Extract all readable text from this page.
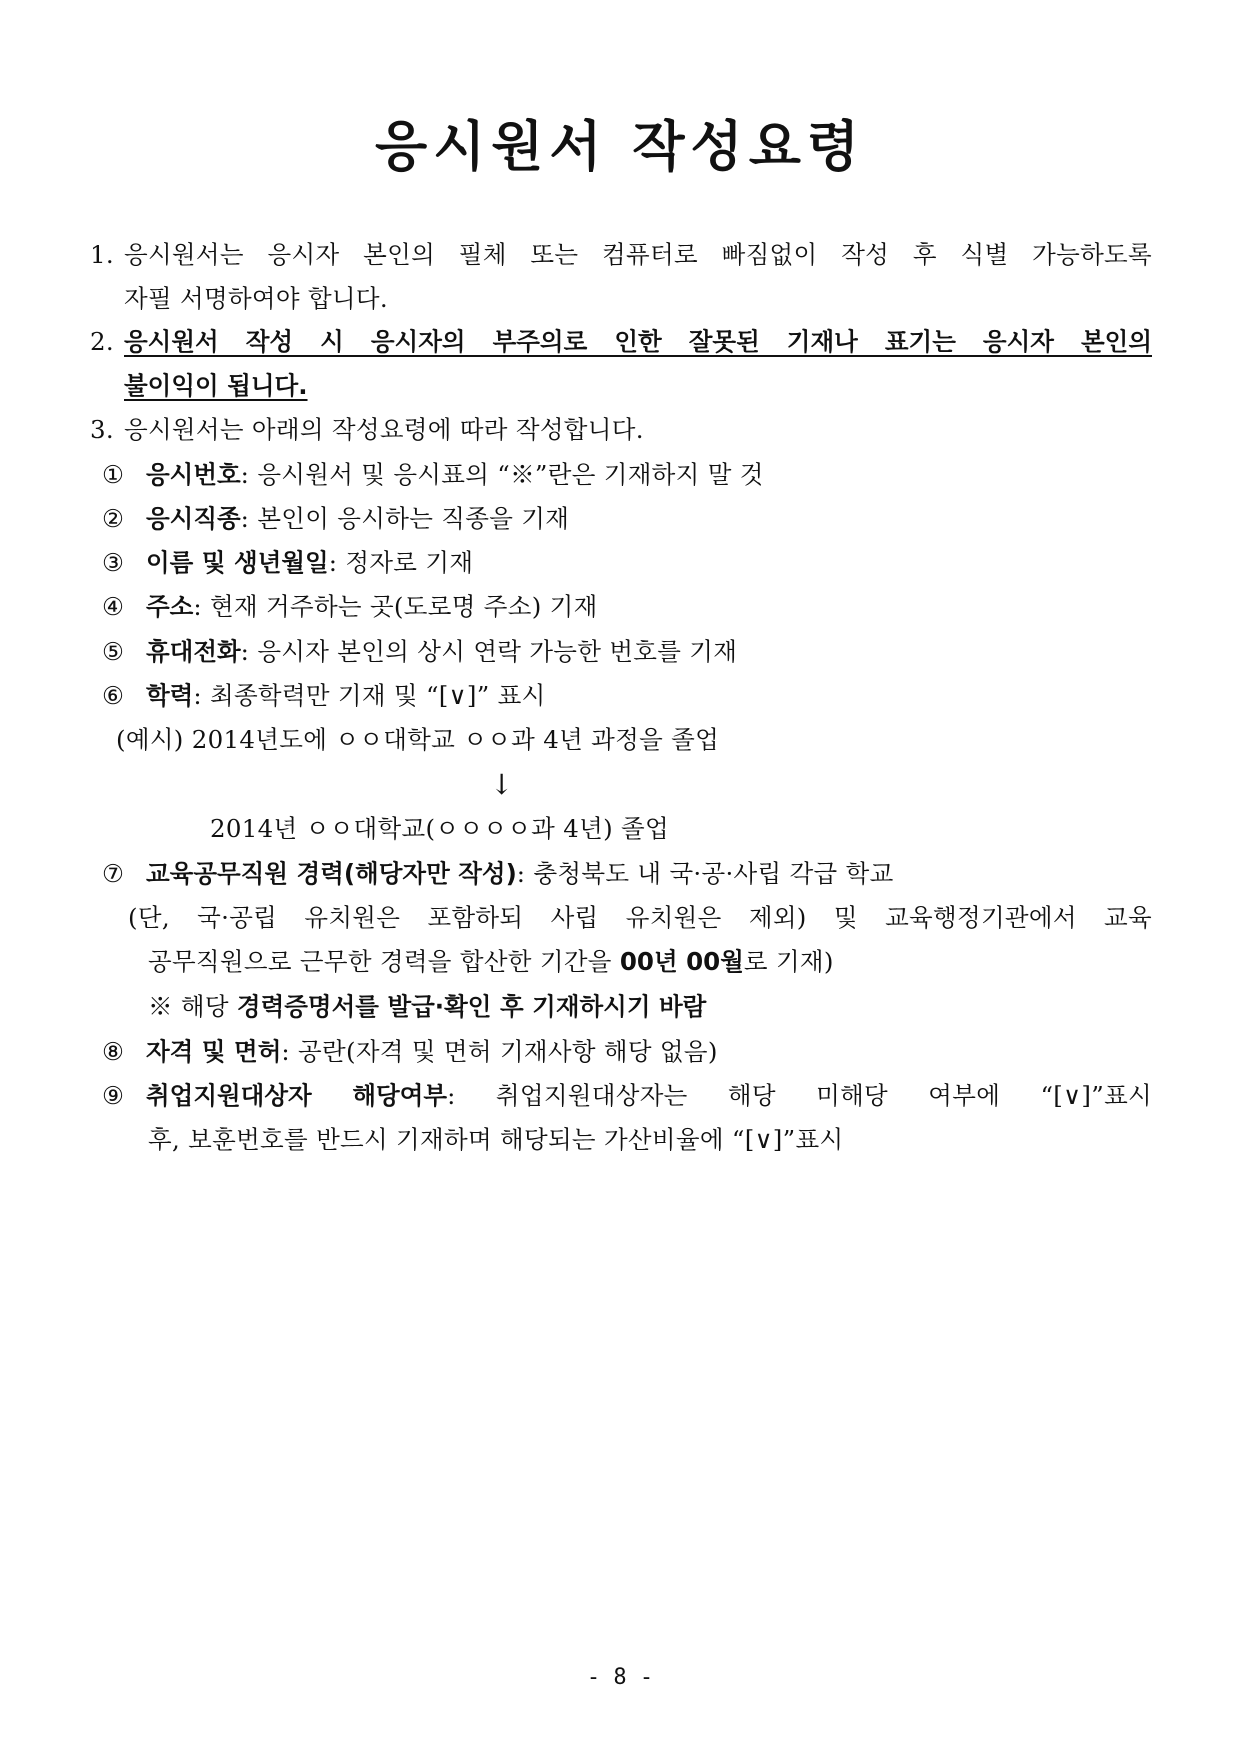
응시원서 작성요령
1. 응시원서는 응시자 본인의 필체 또는 컴퓨터로 빠짐없이 작성 후 식별 가능하도록
자필 서명하여야 합니다.
2. 응시원서 작성 시 응시자의 부주의로 인한 잘못된 기재나 표기는 응시자 본인의
불이익이 됩니다.
3. 응시원서는 아래의 작성요령에 따라 작성합니다.
① 응시번호: 응시원서 및 응시표의 “※”란은 기재하지 말 것
② 응시직종: 본인이 응시하는 직종을 기재
③ 이름 및 생년월일: 정자로 기재
④ 주소: 현재 거주하는 곳(도로명 주소) 기재
⑤ 휴대전화: 응시자 본인의 상시 연락 가능한 번호를 기재
⑥ 학력: 최종학력만 기재 및 “[∨]” 표시
(예시) 2014년도에 ㅇㅇ대학교 ㅇㅇ과 4년 과정을 졸업
↓
2014년 ㅇㅇ대학교(ㅇㅇㅇㅇ과 4년) 졸업
⑦ 교육공무직원 경력(해당자만 작성): 충청북도 내 국·공·사립 각급 학교
(단, 국·공립 유치원은 포함하되 사립 유치원은 제외) 및 교육행정기관에서 교육
공무직원으로 근무한 경력을 합산한 기간을 00년 00월로 기재)
※ 해당 경력증명서를 발급·확인 후 기재하시기 바람
⑧ 자격 및 면허: 공란(자격 및 면허 기재사항 해당 없음)
⑨ 취업지원대상자 해당여부: 취업지원대상자는 해당 미해당 여부에 “[∨]”표시
후, 보훈번호를 반드시 기재하며 해당되는 가산비율에 “[∨]”표시
- 8 -
